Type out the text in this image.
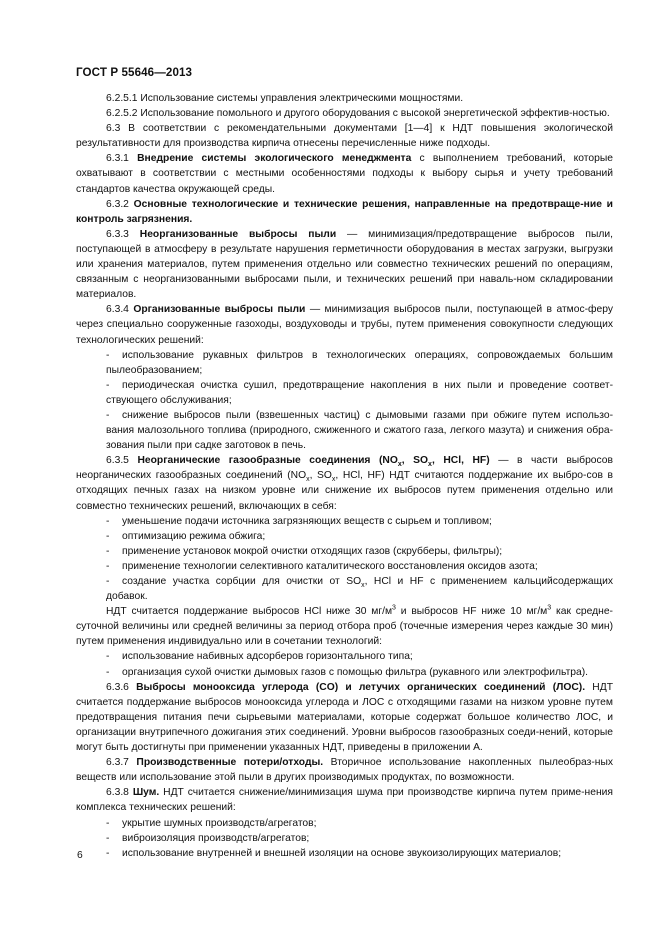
ГОСТ Р 55646—2013

6.2.5.1 Использование системы управления электрическими мощностями.

6.2.5.2 Использование помольного и другого оборудования с высокой энергетической эффектив-ностью.

6.3 В соответствии с рекомендательными документами [1—4] к НДТ повышения экологической результативности для производства кирпича отнесены перечисленные ниже подходы.

6.3.1 Внедрение системы экологического менеджмента с выполнением требований, которые охватывают в соответствии с местными особенностями подходы к выбору сырья и учету требований стандартов качества окружающей среды.

6.3.2 Основные технологические и технические решения, направленные на предотвраще-ние и контроль загрязнения.

6.3.3 Неорганизованные выбросы пыли — минимизация/предотвращение выбросов пыли, поступающей в атмосферу в результате нарушения герметичности оборудования в местах загрузки, выгрузки или хранения материалов, путем применения отдельно или совместно технических решений по операциям, связанным с неорганизованными выбросами пыли, и технических решений при наваль-ном складировании материалов.

6.3.4 Организованные выбросы пыли — минимизация выбросов пыли, поступающей в атмос-феру через специально сооруженные газоходы, воздуховоды и трубы, путем применения совокупности следующих технологических решений:

- использование рукавных фильтров в технологических операциях, сопровождаемых большим пылеобразованием;

- периодическая очистка сушил, предотвращение накопления в них пыли и проведение соответ-ствующего обслуживания;

- снижение выбросов пыли (взвешенных частиц) с дымовыми газами при обжиге путем использо-вания малозольного топлива (природного, сжиженного и сжатого газа, легкого мазута) и снижения обра-зования пыли при садке заготовок в печь.

6.3.5 Неорганические газообразные соединения ($NO_x$, $SO_x$, HCl, HF) — в части выбросов неорганических газообразных соединений ($NO_x$, $SO_x$, HCl, HF) НДТ считаются поддержание их выбро-сов в отходящих печных газах на низком уровне или снижение их выбросов путем применения отдельно или совместно технических решений, включающих в себя:

- уменьшение подачи источника загрязняющих веществ с сырьем и топливом;

- оптимизацию режима обжига;

- применение установок мокрой очистки отходящих газов (скрубберы, фильтры);

- применение технологии селективного каталитического восстановления оксидов азота;

- создание участка сорбции для очистки от $SO_x$, HCl и HF с применением кальцийсодержащих добавок.

НДТ считается поддержание выбросов HCl ниже 30 $мг/м^3$ и выбросов HF ниже 10 $мг/м^3$ как средне-суточной величины или средней величины за период отбора проб (точечные измерения через каждые 30 мин) путем применения индивидуально или в сочетании технологий:

- использование набивных адсорберов горизонтального типа;

- организация сухой очистки дымовых газов с помощью фильтра (рукавного или электрофильтра).

6.3.6 Выбросы монооксида углерода (CO) и летучих органических соединений (ЛОС). НДТ считается поддержание выбросов монооксида углерода и ЛОС с отходящими газами на низком уровне путем предотвращения питания печи сырьевыми материалами, которые содержат большое количество ЛОС, и организации внутрипечного дожигания этих соединений. Уровни выбросов газообразных соеди-нений, которые могут быть достигнуты при применении указанных НДТ, приведены в приложении А.

6.3.7 Производственные потери/отходы. Вторичное использование накопленных пылеобраз-ных веществ или использование этой пыли в других производимых продуктах, по возможности.

6.3.8 Шум. НДТ считается снижение/минимизация шума при производстве кирпича путем приме-нения комплекса технических решений:

- укрытие шумных производств/агрегатов;

- виброизоляция производств/агрегатов;

- использование внутренней и внешней изоляции на основе звукоизолирующих материалов;

6
